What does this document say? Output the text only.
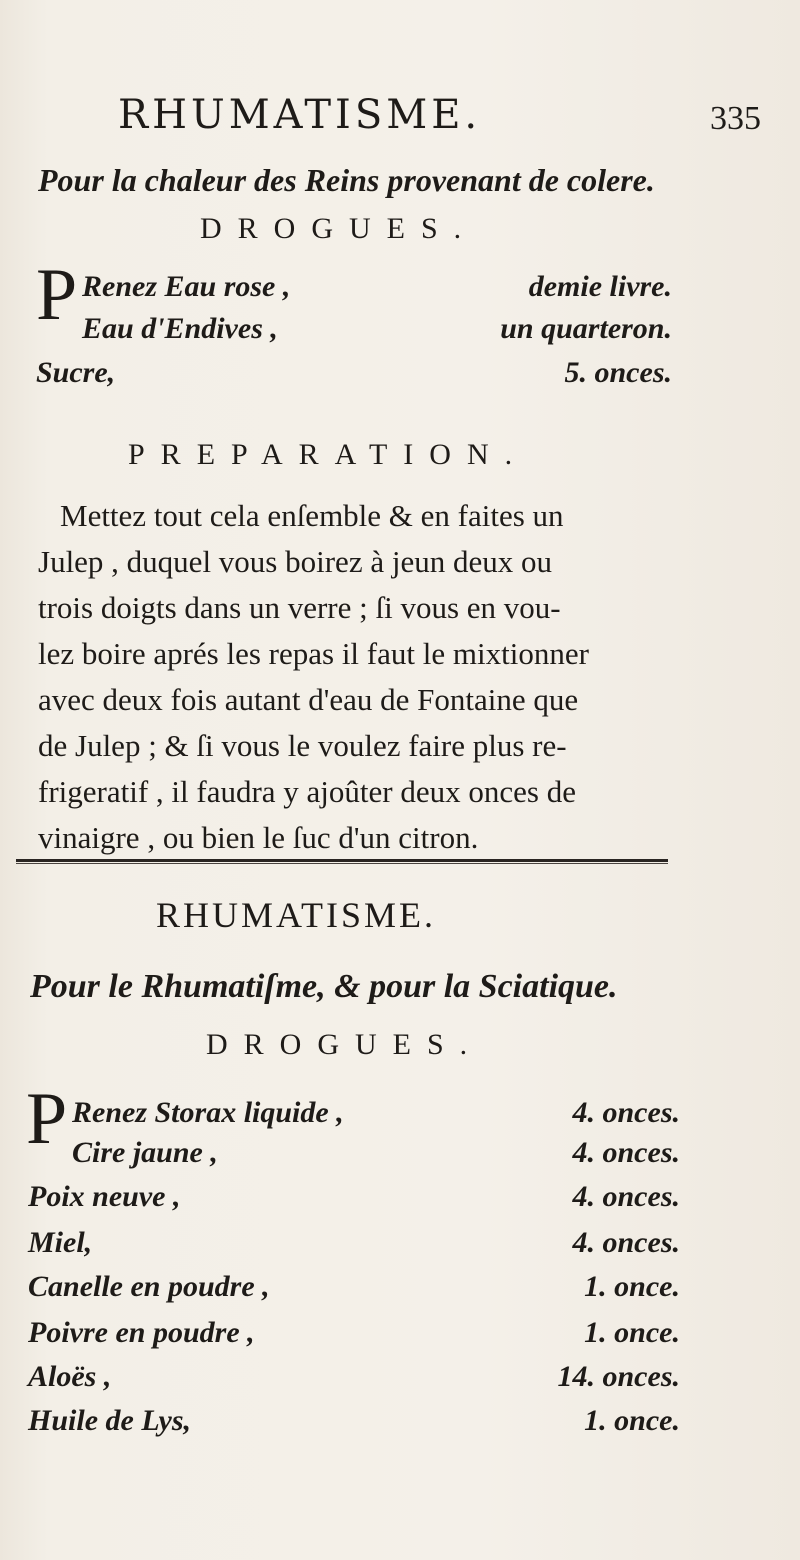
RHUMATISME.	335
Pour la chaleur des Reins provenant de colere.
DROGUES.
P Renez Eau rose ,	demie livre.
Eau d'Endives ,	un quarteron.
Sucre,	5. onces.
PREPARATION.
Mettez tout cela enſemble & en faites un
Julep , duquel vous boirez à jeun deux ou
trois doigts dans un verre ; ſi vous en vou-
lez boire aprés les repas il faut le mixtionner
avec deux fois autant d'eau de Fontaine que
de Julep ; & ſi vous le voulez faire plus re-
frigeratif , il faudra y ajoûter deux onces de
vinaigre , ou bien le ſuc d'un citron.
RHUMATISME.
Pour le Rhumatiſme, & pour la Sciatique.
DROGUES.
P Renez Storax liquide ,	4. onces.
Cire jaune ,	4. onces.
Poix neuve ,	4. onces.
Miel,	4. onces.
Canelle en poudre ,	1. once.
Poivre en poudre ,	1. once.
Aloës ,	14. onces.
Huile de Lys,	1. once.
